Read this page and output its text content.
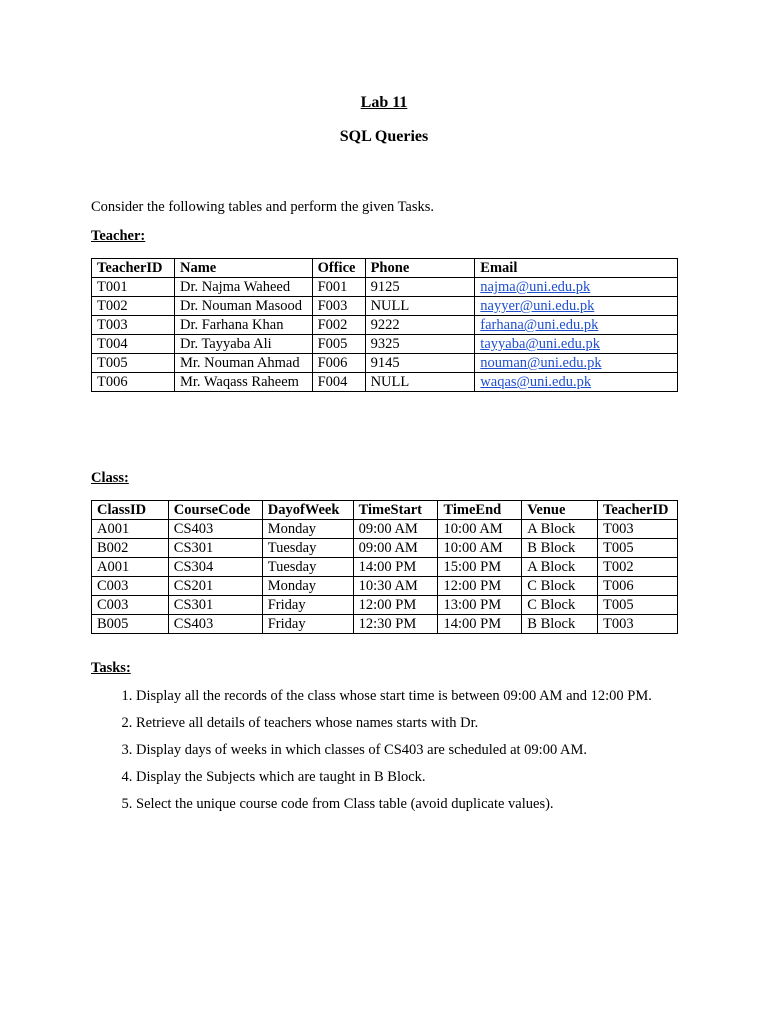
Lab 11
SQL Queries
Consider the following tables and perform the given Tasks.
Teacher:
TeacherID	Name	Office	Phone	Email
T001	Dr. Najma Waheed	F001	9125	najma@uni.edu.pk
T002	Dr. Nouman Masood	F003	NULL	nayyer@uni.edu.pk
T003	Dr. Farhana Khan	F002	9222	farhana@uni.edu.pk
T004	Dr. Tayyaba Ali	F005	9325	tayyaba@uni.edu.pk
T005	Mr. Nouman Ahmad	F006	9145	nouman@uni.edu.pk
T006	Mr. Waqass Raheem	F004	NULL	waqas@uni.edu.pk
Class:
ClassID	CourseCode	DayofWeek	TimeStart	TimeEnd	Venue	TeacherID
A001	CS403	Monday	09:00 AM	10:00 AM	A Block	T003
B002	CS301	Tuesday	09:00 AM	10:00 AM	B Block	T005
A001	CS304	Tuesday	14:00 PM	15:00 PM	A Block	T002
C003	CS201	Monday	10:30 AM	12:00 PM	C Block	T006
C003	CS301	Friday	12:00 PM	13:00 PM	C Block	T005
B005	CS403	Friday	12:30 PM	14:00 PM	B Block	T003
Tasks:
1. Display all the records of the class whose start time is between 09:00 AM and 12:00 PM.
2. Retrieve all details of teachers whose names starts with Dr.
3. Display days of weeks in which classes of CS403 are scheduled at 09:00 AM.
4. Display the Subjects which are taught in B Block.
5. Select the unique course code from Class table (avoid duplicate values).
